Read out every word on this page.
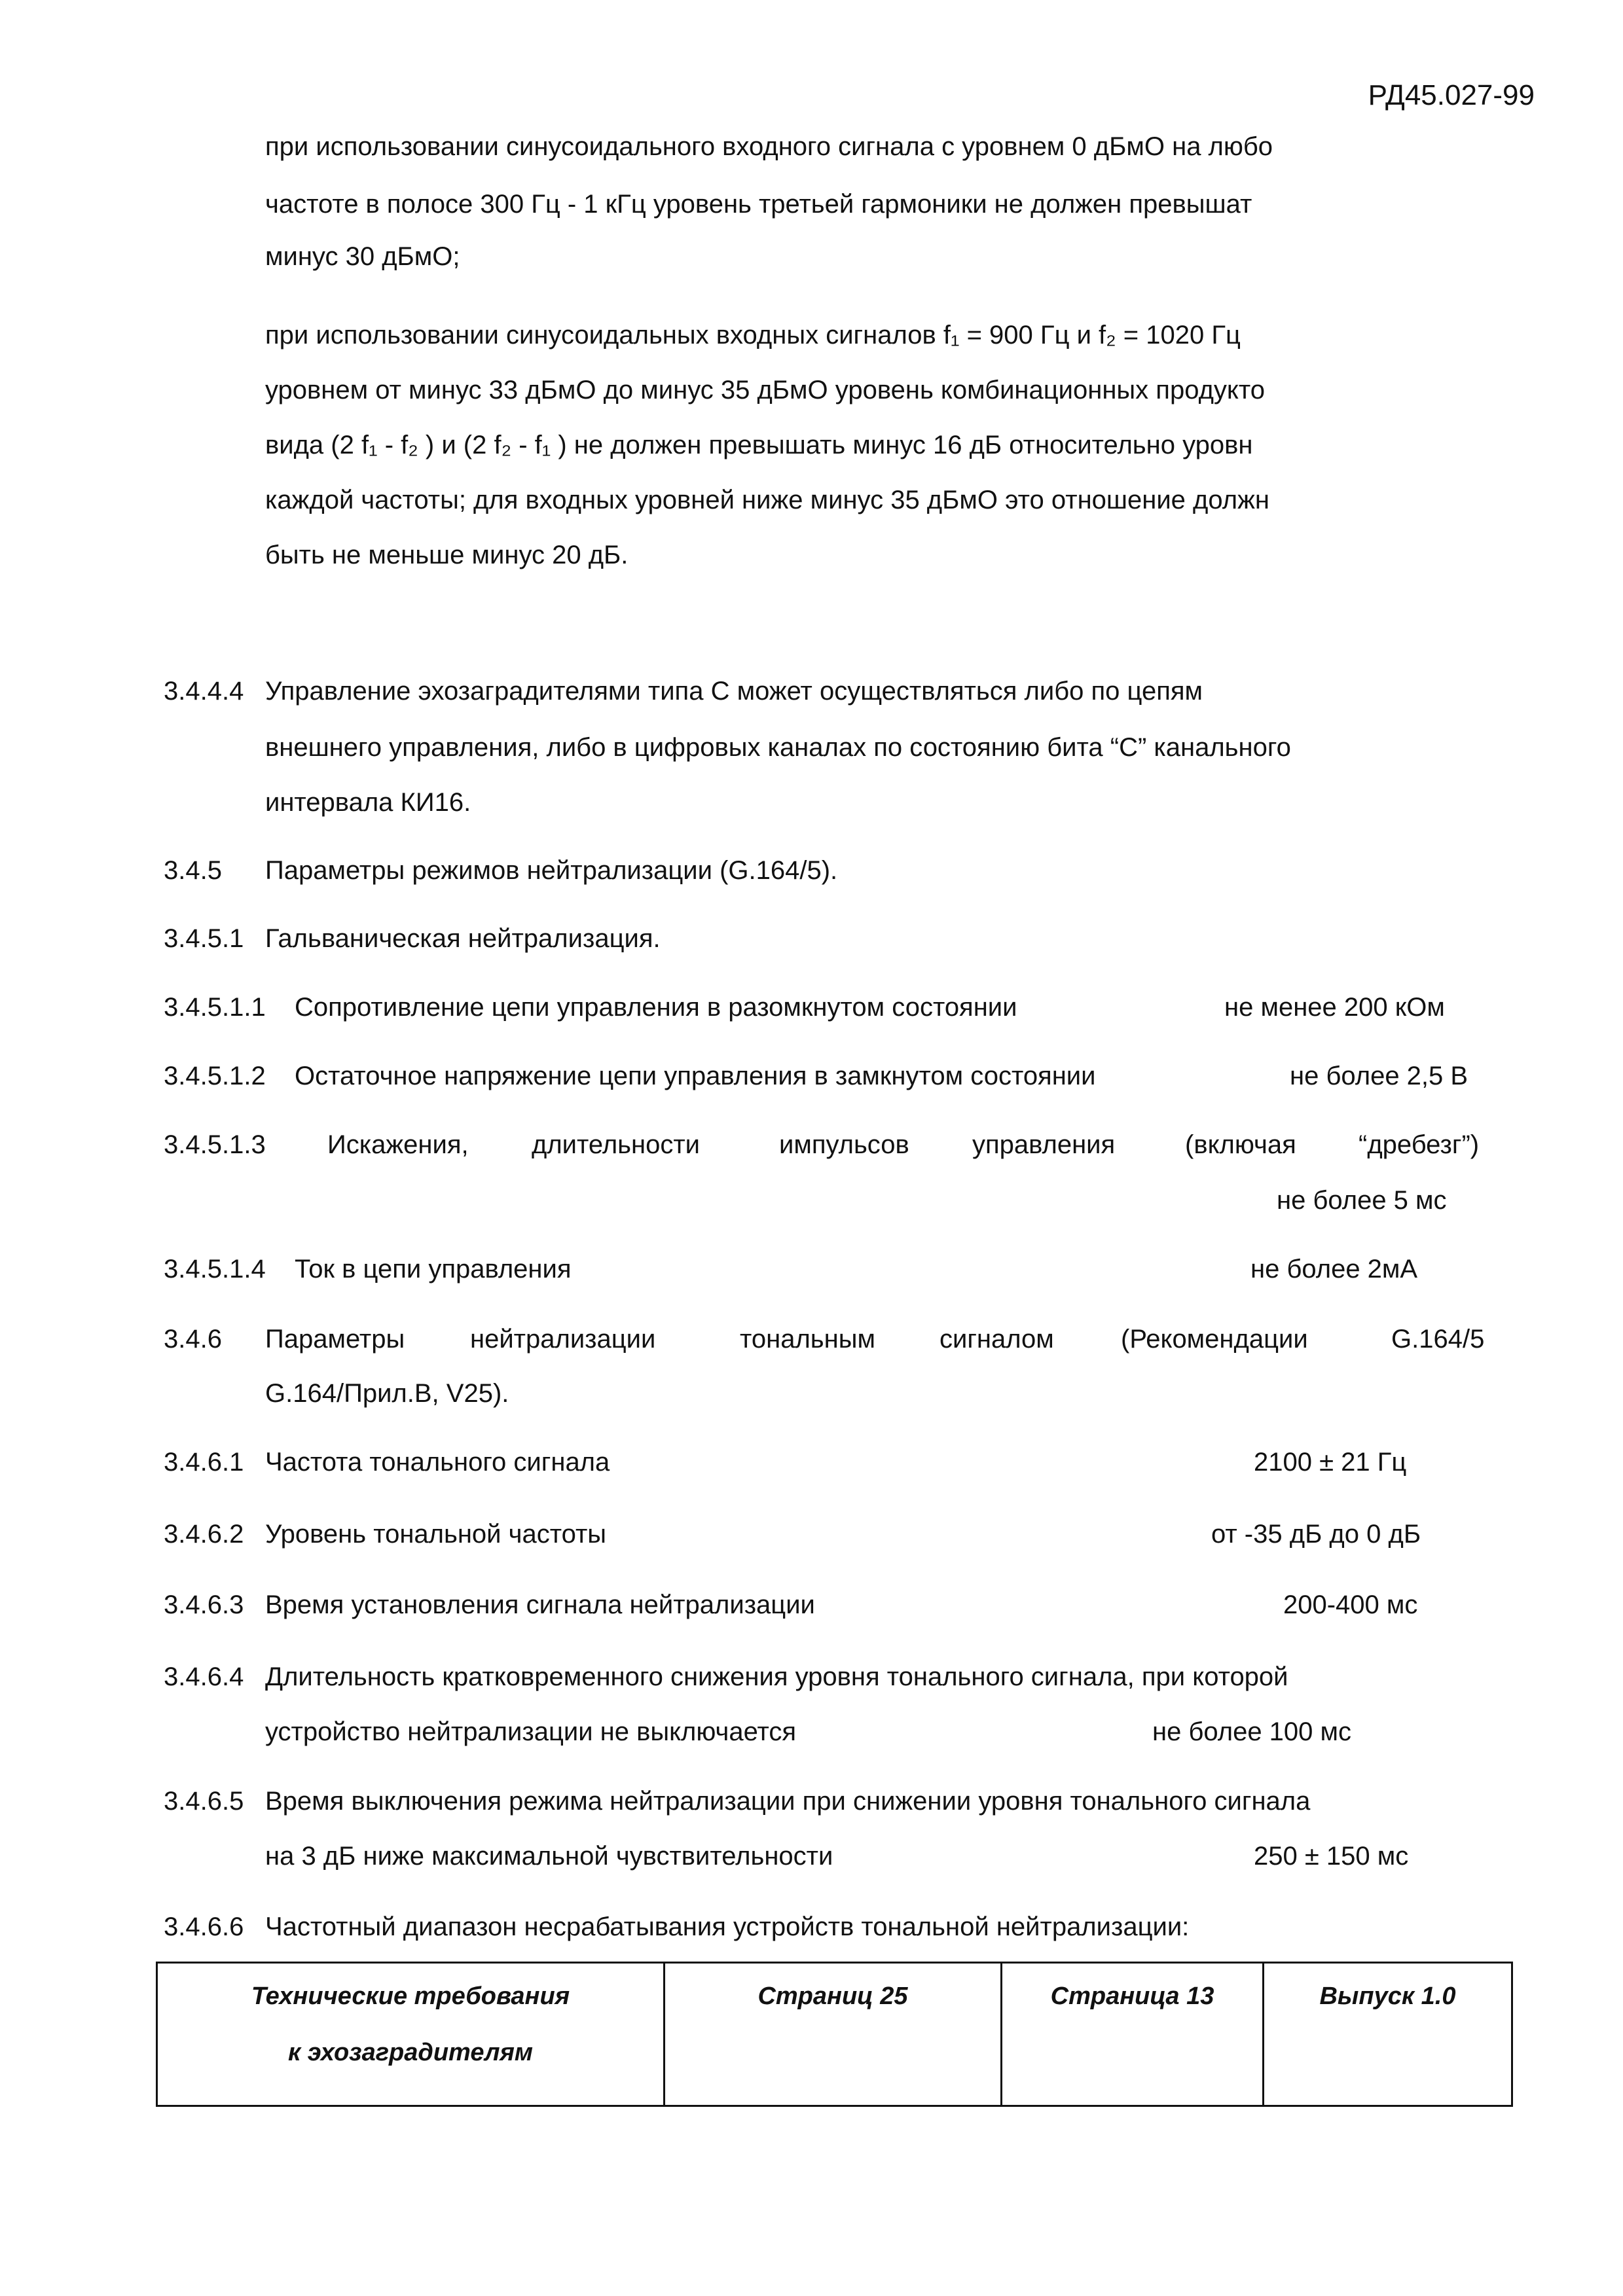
РД45.027-99
при использовании синусоидального входного сигнала с уровнем 0 дБмО на любо
частоте в полосе 300 Гц - 1 кГц уровень третьей гармоники не должен превышат
минус 30 дБмО;
при использовании синусоидальных входных сигналов f₁ = 900 Гц и f₂ = 1020 Гц
уровнем от минус 33 дБмО до минус 35 дБмО уровень комбинационных продукто
вида (2 f₁ - f₂ ) и (2 f₂ - f₁ ) не должен превышать минус 16 дБ относительно уровн
каждой частоты; для входных уровней ниже минус 35 дБмО это отношение должн
быть не меньше минус 20 дБ.
3.4.4.4 Управление эхозаградителями типа С может осуществляться либо по цепям
внешнего управления, либо в цифровых каналах по состоянию бита “С” канального
интервала КИ16.
3.4.5 Параметры режимов нейтрализации (G.164/5).
3.4.5.1 Гальваническая нейтрализация.
3.4.5.1.1 Сопротивление цепи управления в разомкнутом состоянии	не менее 200 кОм
3.4.5.1.2 Остаточное напряжение цепи управления в замкнутом состоянии	не более 2,5 В
3.4.5.1.3 Искажения, длительности	импульсов управления	(включая “дребезг”)
не более 5 мс
3.4.5.1.4 Ток в цепи управления	не более 2мА
3.4.6 Параметры нейтрализации	тональным сигналом	(Рекомендации	G.164/5
G.164/Прил.В, V25).
3.4.6.1 Частота тонального сигнала	2100 ± 21 Гц
3.4.6.2 Уровень тональной частоты	от -35 дБ до 0 дБ
3.4.6.3 Время установления сигнала нейтрализации	200-400 мс
3.4.6.4 Длительность кратковременного снижения уровня тонального сигнала, при которой
устройство нейтрализации не выключается	не более 100 мс
3.4.6.5 Время выключения режима нейтрализации при снижении уровня тонального сигнала
на 3 дБ ниже максимальной чувствительности	250 ± 150 мс
3.4.6.6 Частотный диапазон несрабатывания устройств тональной нейтрализации:
Технические требования
к эхозаградителям
	Страниц 25	Страница 13	Выпуск 1.0
